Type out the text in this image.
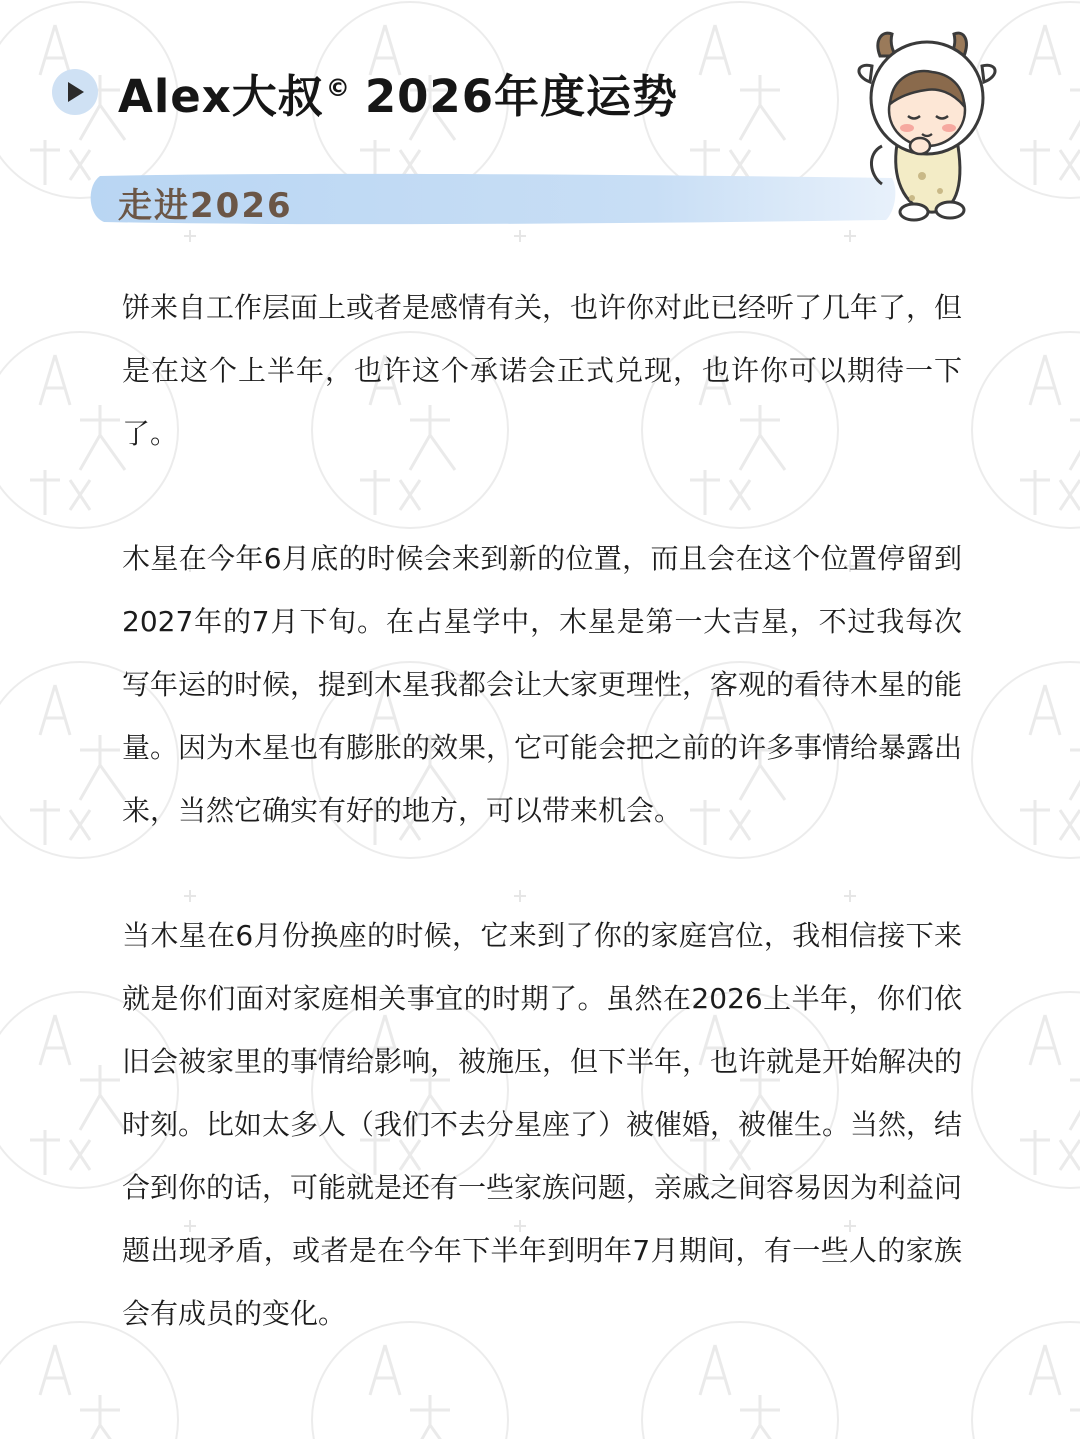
Alex大叔© 2026年度运势
走进2026

饼来自工作层面上或者是感情有关，也许你对此已经听了几年了，但是在这个上半年，也许这个承诺会正式兑现，也许你可以期待一下了。

木星在今年6月底的时候会来到新的位置，而且会在这个位置停留到2027年的7月下旬。在占星学中，木星是第一大吉星，不过我每次写年运的时候，提到木星我都会让大家更理性，客观的看待木星的能量。因为木星也有膨胀的效果，它可能会把之前的许多事情给暴露出来，当然它确实有好的地方，可以带来机会。

当木星在6月份换座的时候，它来到了你的家庭宫位，我相信接下来就是你们面对家庭相关事宜的时期了。虽然在2026上半年，你们依旧会被家里的事情给影响，被施压，但下半年，也许就是开始解决的时刻。比如太多人（我们不去分星座了）被催婚，被催生。当然，结合到你的话，可能就是还有一些家族问题，亲戚之间容易因为利益问题出现矛盾，或者是在今年下半年到明年7月期间，有一些人的家族会有成员的变化。
